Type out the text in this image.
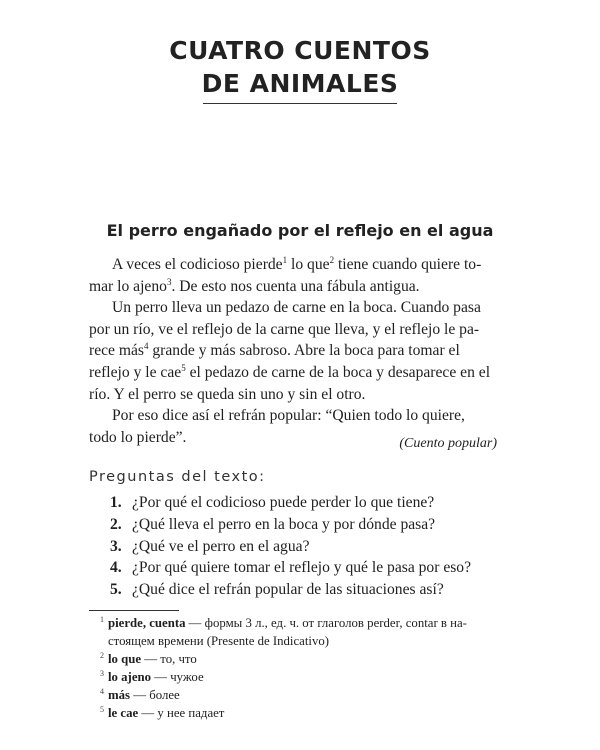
CUATRO CUENTOS
DE ANIMALES
El perro engañado por el reflejo en el agua
A veces el codicioso pierde$^1$ lo que$^2$ tiene cuando quiere to-
mar lo ajeno$^3$. De esto nos cuenta una fábula antigua.
Un perro lleva un pedazo de carne en la boca. Cuando pasa
por un río, ve el reflejo de la carne que lleva, y el reflejo le pa-
rece más$^4$ grande y más sabroso. Abre la boca para tomar el
reflejo y le cae$^5$ el pedazo de carne de la boca y desaparece en el
río. Y el perro se queda sin uno y sin el otro.
Por eso dice así el refrán popular: “Quien todo lo quiere,
todo lo pierde”.	(Cuento popular)
Preguntas del texto:
1. ¿Por qué el codicioso puede perder lo que tiene?
2. ¿Qué lleva el perro en la boca y por dónde pasa?
3. ¿Qué ve el perro en el agua?
4. ¿Por qué quiere tomar el reflejo y qué le pasa por eso?
5. ¿Qué dice el refrán popular de las situaciones así?
1 pierde, cuenta — формы 3 л., ед. ч. от глаголов perder, contar в на-
стоящем времени (Presente de Indicativo)
2 lo que — то, что
3 lo ajeno — чужое
4 más — более
5 le cae — у нее падает
